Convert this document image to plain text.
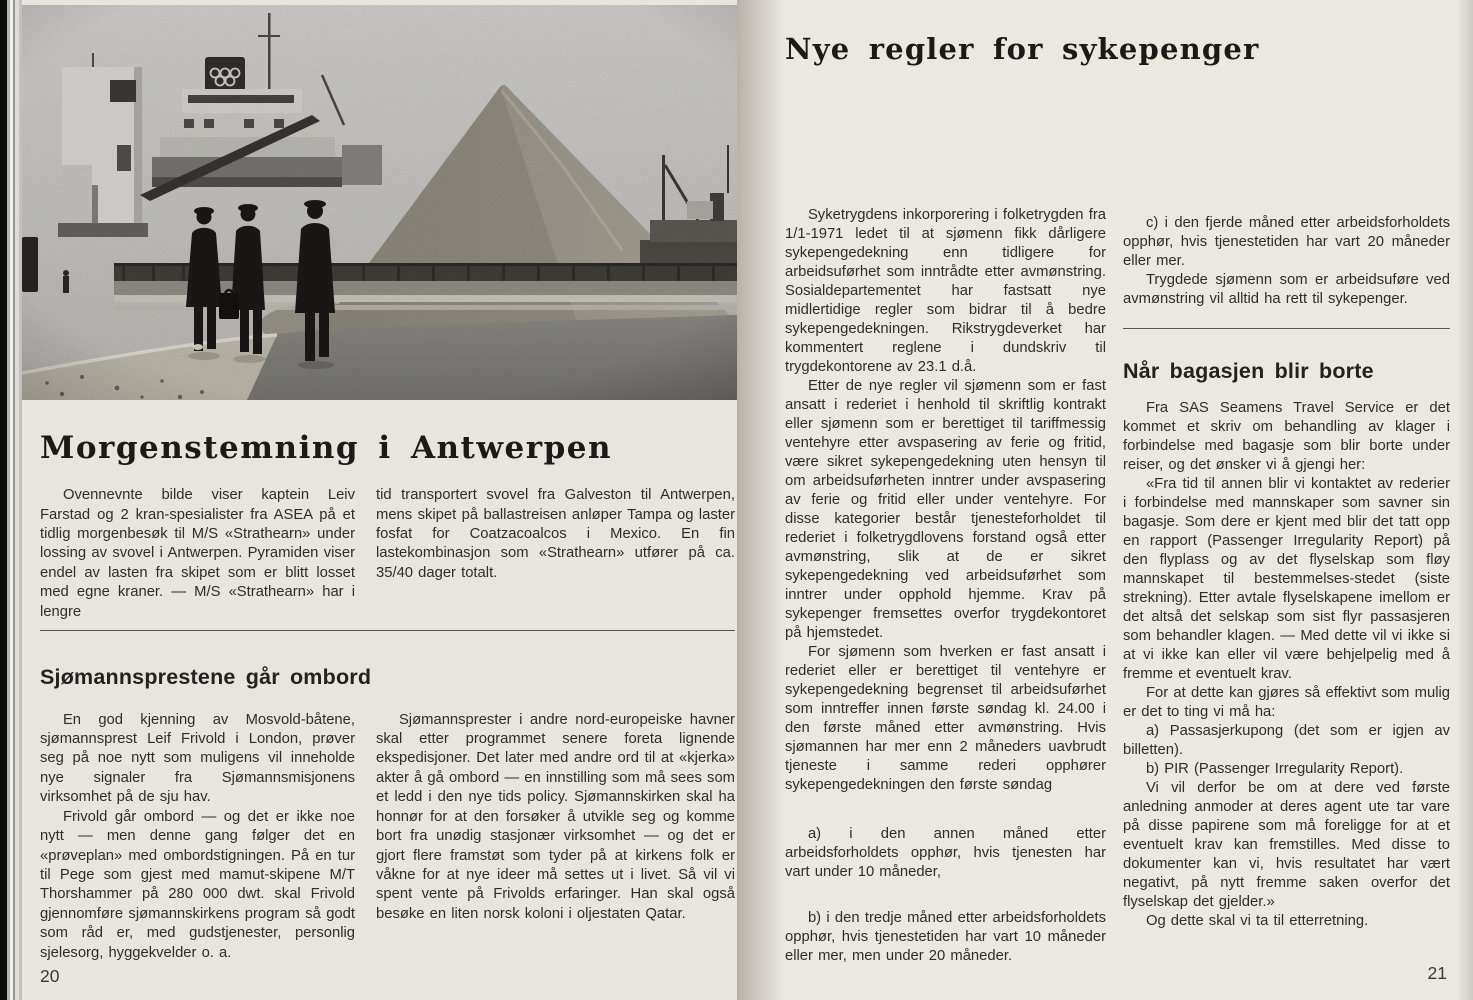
Morgenstemning i Antwerpen

Ovennevnte bilde viser kaptein Leiv Farstad og 2 kran-spesialister fra ASEA på et tidlig morgenbesøk til M/S «Strathearn» under lossing av svovel i Antwerpen. Pyramiden viser endel av lasten fra skipet som er blitt losset med egne kraner. — M/S «Strathearn» har i lengre

tid transportert svovel fra Galveston til Antwerpen, mens skipet på ballastreisen anløper Tampa og laster fosfat for Coatzacoalcos i Mexico. En fin lastekombinasjon som «Strathearn» utfører på ca. 35/40 dager totalt.

Sjømannsprestene går ombord

En god kjenning av Mosvold-båtene, sjømannsprest Leif Frivold i London, prøver seg på noe nytt som muligens vil inneholde nye signaler fra Sjømannsmisjonens virksomhet på de sju hav.

Frivold går ombord — og det er ikke noe nytt — men denne gang følger det en «prøveplan» med ombordstigningen. På en tur til Pege som gjest med mamut-skipene M/T Thorshammer på 280 000 dwt. skal Frivold gjennomføre sjømannskirkens program så godt som råd er, med gudstjenester, personlig sjelesorg, hyggekvelder o. a.

Sjømannsprester i andre nord-europeiske havner skal etter programmet senere foreta lignende ekspedisjoner. Det later med andre ord til at «kjerka» akter å gå ombord — en innstilling som må sees som et ledd i den nye tids policy. Sjømannskirken skal ha honnør for at den forsøker å utvikle seg og komme bort fra unødig stasjonær virksomhet — og det er gjort flere framstøt som tyder på at kirkens folk er våkne for at nye ideer må settes ut i livet. Så vil vi spent vente på Frivolds erfaringer. Han skal også besøke en liten norsk koloni i oljestaten Qatar.

20
Nye regler for sykepenger

Syketrygdens inkorporering i folketrygden fra 1/1-1971 ledet til at sjømenn fikk dårligere sykepengedekning enn tidligere for arbeidsuførhet som inntrådte etter avmønstring. Sosialdepartementet har fastsatt nye midlertidige regler som bidrar til å bedre sykepengedekningen. Rikstrygdeverket har kommentert reglene i dundskriv til trygdekontorene av 23.1 d.å.

Etter de nye regler vil sjømenn som er fast ansatt i rederiet i henhold til skriftlig kontrakt eller sjømenn som er berettiget til tariffmessig ventehyre etter avspasering av ferie og fritid, være sikret sykepengedekning uten hensyn til om arbeidsuførheten inntrer under avspasering av ferie og fritid eller under ventehyre. For disse kategorier består tjenesteforholdet til rederiet i folketrygdlovens forstand også etter avmønstring, slik at de er sikret sykepengedekning ved arbeidsuførhet som inntrer under opphold hjemme. Krav på sykepenger fremsettes overfor trygdekontoret på hjemstedet.

For sjømenn som hverken er fast ansatt i rederiet eller er berettiget til ventehyre er sykepengedekning begrenset til arbeidsuførhet som inntreffer innen første søndag kl. 24.00 i den første måned etter avmønstring. Hvis sjømannen har mer enn 2 måneders uavbrudt tjeneste i samme rederi opphører sykepengedekningen den første søndag

a) i den annen måned etter arbeidsforholdets opphør, hvis tjenesten har vart under 10 måneder,

b) i den tredje måned etter arbeidsforholdets opphør, hvis tjenestetiden har vart 10 måneder eller mer, men under 20 måneder.

c) i den fjerde måned etter arbeidsforholdets opphør, hvis tjenestetiden har vart 20 måneder eller mer.

Trygdede sjømenn som er arbeidsuføre ved avmønstring vil alltid ha rett til sykepenger.

Når bagasjen blir borte

Fra SAS Seamens Travel Service er det kommet et skriv om behandling av klager i forbindelse med bagasje som blir borte under reiser, og det ønsker vi å gjengi her:

«Fra tid til annen blir vi kontaktet av rederier i forbindelse med mannskaper som savner sin bagasje. Som dere er kjent med blir det tatt opp en rapport (Passenger Irregularity Report) på den flyplass og av det flyselskap som fløy mannskapet til bestemmelses-stedet (siste strekning). Etter avtale flyselskapene imellom er det altså det selskap som sist flyr passasjeren som behandler klagen. — Med dette vil vi ikke si at vi ikke kan eller vil være behjelpelig med å fremme et eventuelt krav.

For at dette kan gjøres så effektivt som mulig er det to ting vi må ha:

a) Passasjerkupong (det som er igjen av billetten).

b) PIR (Passenger Irregularity Report).

Vi vil derfor be om at dere ved første anledning anmoder at deres agent ute tar vare på disse papirene som må foreligge for at et eventuelt krav kan fremstilles. Med disse to dokumenter kan vi, hvis resultatet har vært negativt, på nytt fremme saken overfor det flyselskap det gjelder.»

Og dette skal vi ta til etterretning.

21
